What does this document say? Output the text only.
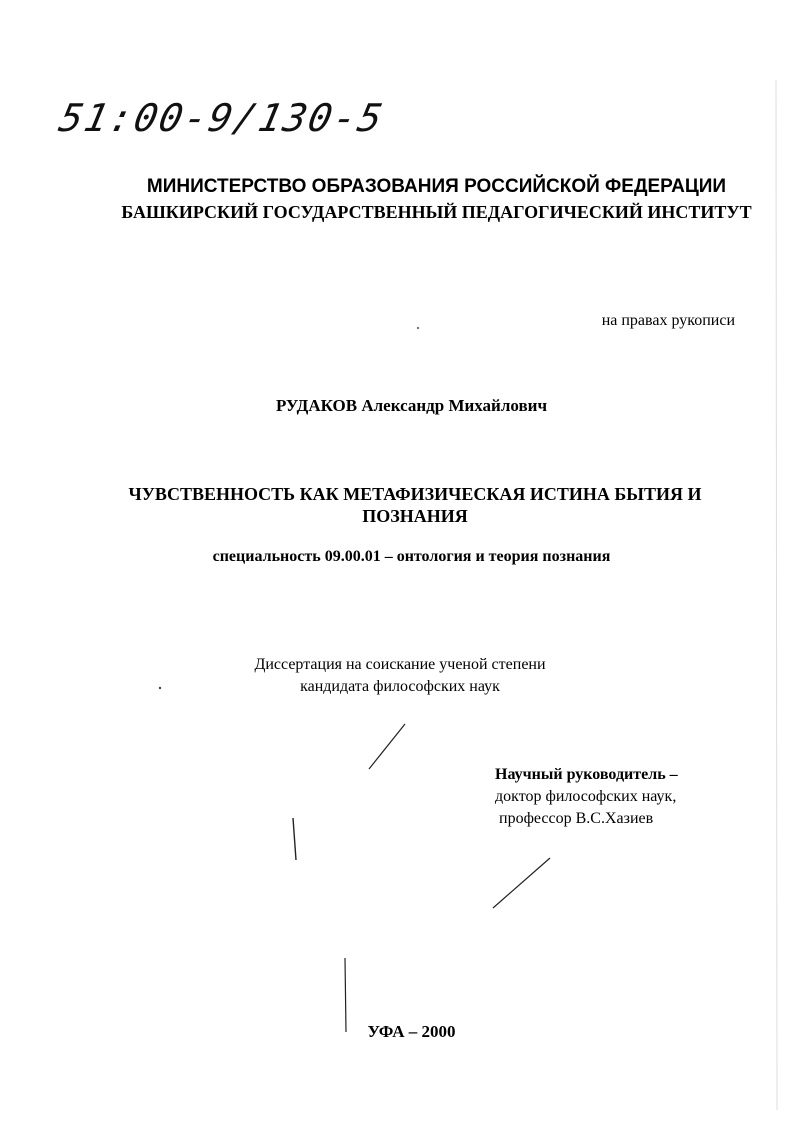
51:00-9/130-5
МИНИСТЕРСТВО ОБРАЗОВАНИЯ РОССИЙСКОЙ ФЕДЕРАЦИИ
БАШКИРСКИЙ ГОСУДАРСТВЕННЫЙ ПЕДАГОГИЧЕСКИЙ ИНСТИТУТ
на правах рукописи
РУДАКОВ Александр Михайлович
ЧУВСТВЕННОСТЬ КАК МЕТАФИЗИЧЕСКАЯ ИСТИНА БЫТИЯ И
ПОЗНАНИЯ
специальность 09.00.01 – онтология и теория познания
Диссертация на соискание ученой степени
кандидата философских наук
Научный руководитель –
доктор философских наук,
профессор В.С.Хазиев
УФА – 2000
